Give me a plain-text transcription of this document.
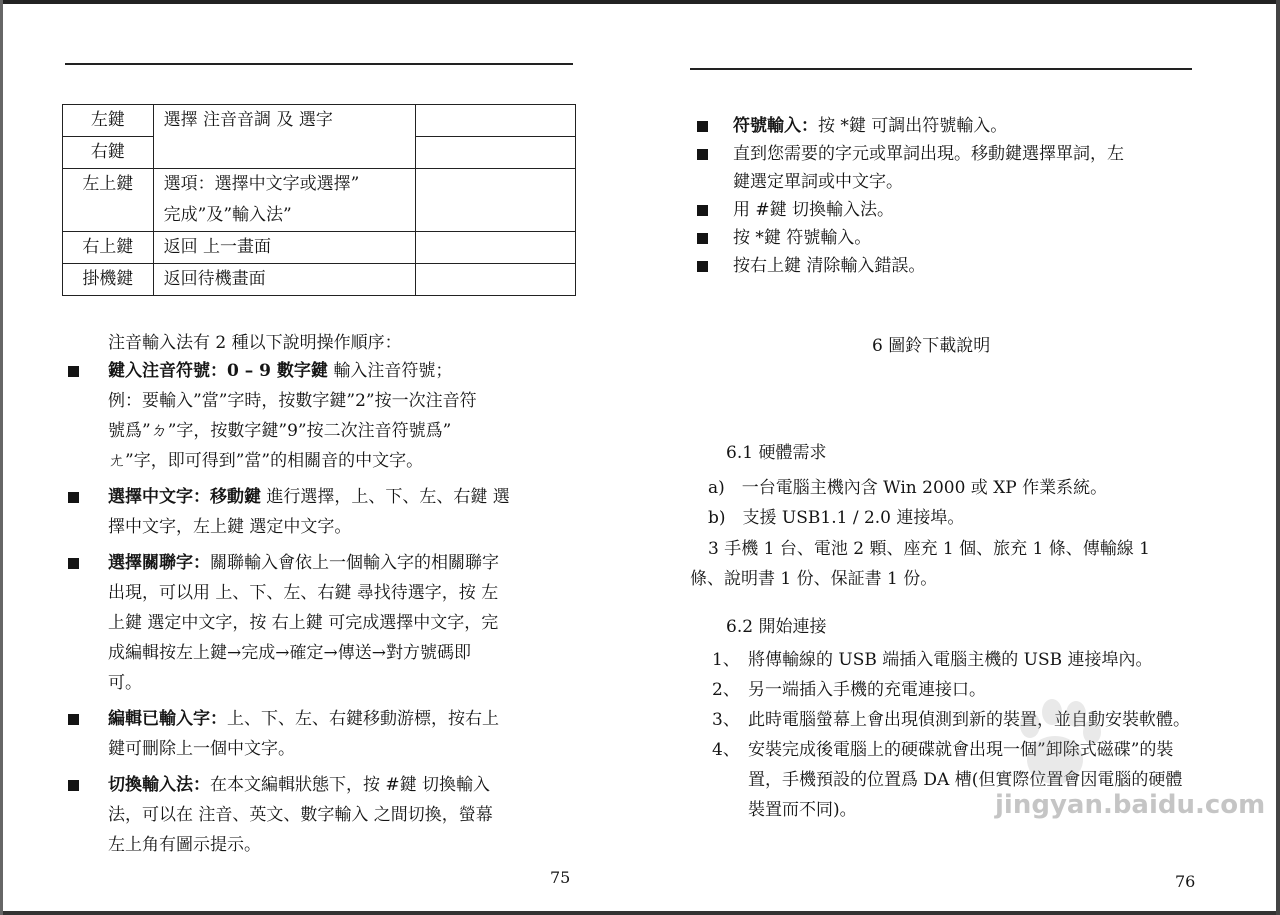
左鍵	選擇 注音音調 及 選字	
右鍵		
左上鍵	選項：選擇中文字或選擇”
完成”及”輸入法”	

右上鍵	返回 上一畫面	
掛機鍵	返回待機畫面	
注音輸入法有 2 種以下說明操作順序：
鍵入注音符號：0 – 9 數字鍵 輸入注音符號；
例：要輸入”當”字時，按數字鍵”2”按一次注音符
號爲”ㄉ”字，按數字鍵”9”按二次注音符號爲”
ㄤ”字，即可得到”當”的相關音的中文字。
選擇中文字：移動鍵 進行選擇，上、下、左、右鍵 選
擇中文字，左上鍵 選定中文字。
選擇關聯字：關聯輸入會依上一個輸入字的相關聯字
出現，可以用 上、下、左、右鍵 尋找待選字，按 左
上鍵 選定中文字，按 右上鍵 可完成選擇中文字，完
成編輯按左上鍵→完成→確定→傳送→對方號碼即
可。
編輯已輸入字：上、下、左、右鍵移動游標，按右上
鍵可刪除上一個中文字。
切換輸入法：在本文編輯狀態下，按 #鍵 切換輸入
法，可以在 注音、英文、數字輸入 之間切換，螢幕
左上角有圖示提示。
75
符號輸入：按 *鍵 可調出符號輸入。
直到您需要的字元或單詞出現。移動鍵選擇單詞，左
鍵選定單詞或中文字。
用 #鍵 切換輸入法。
按 *鍵 符號輸入。
按右上鍵 清除輸入錯誤。
6 圖鈴下載說明
6.1 硬體需求
a)　一台電腦主機內含 Win 2000 或 XP 作業系統。
b)　支援 USB1.1 / 2.0 連接埠。
3 手機 1 台、電池 2 顆、座充 1 個、旅充 1 條、傳輸線 1
條、說明書 1 份、保証書 1 份。
6.2 開始連接
1、 將傳輸線的 USB 端插入電腦主機的 USB 連接埠內。
2、 另一端插入手機的充電連接口。
3、 此時電腦螢幕上會出現偵測到新的裝置，並自動安裝軟體。
4、 安裝完成後電腦上的硬碟就會出現一個”卸除式磁碟”的裝置，手機預設的位置爲 DA 槽(但實際位置會因電腦的硬體裝置而不同)。	jingyan.baidu.com
76
